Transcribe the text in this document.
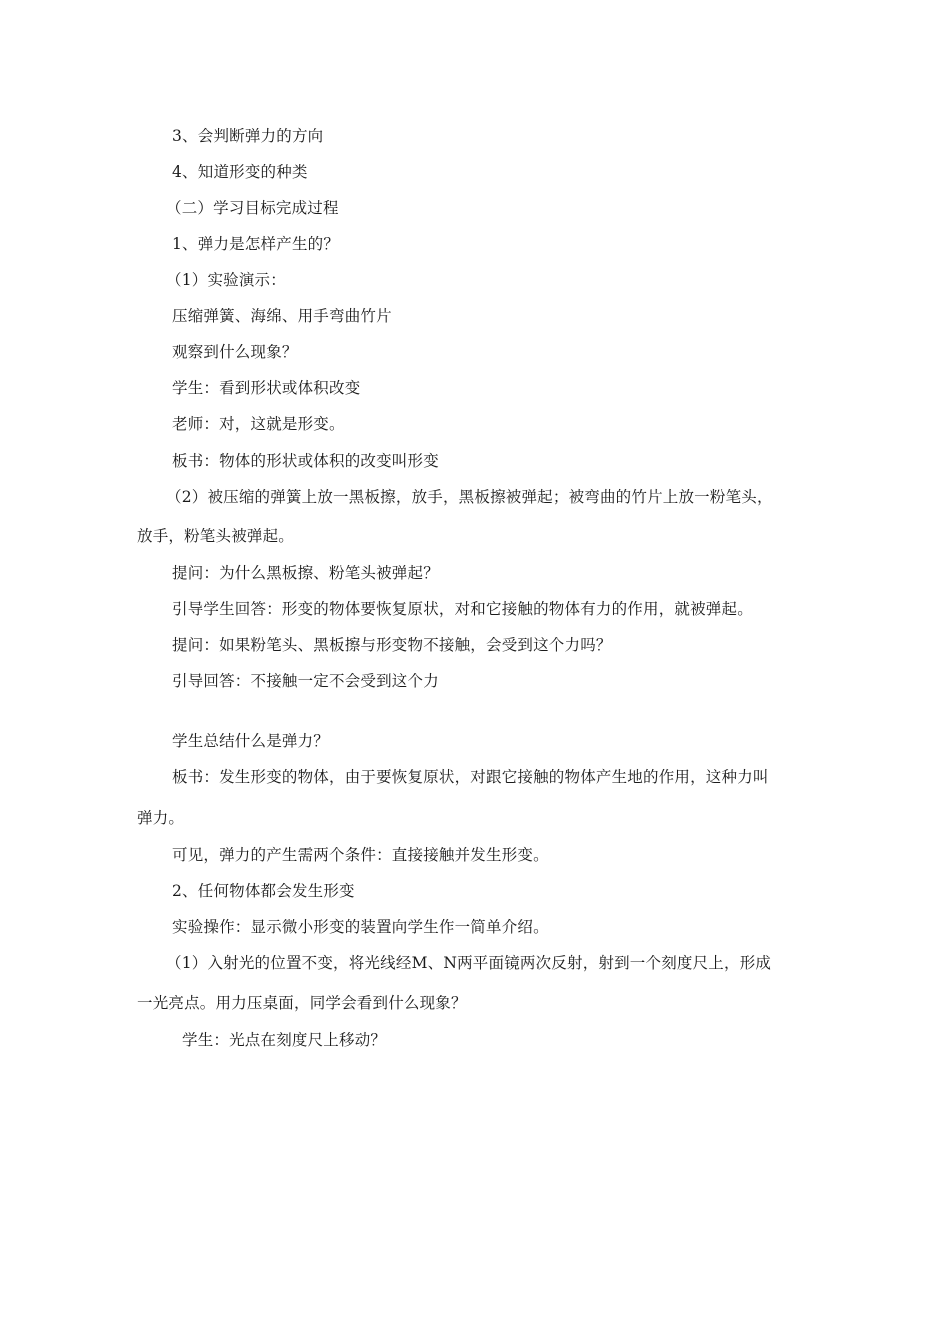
3、会判断弹力的方向
4、知道形变的种类
（二）学习目标完成过程
1、弹力是怎样产生的？
（1）实验演示：
压缩弹簧、海绵、用手弯曲竹片
观察到什么现象？
学生：看到形状或体积改变
老师：对，这就是形变。
板书：物体的形状或体积的改变叫形变
（2）被压缩的弹簧上放一黑板擦，放手，黑板擦被弹起；被弯曲的竹片上放一粉笔头，
放手，粉笔头被弹起。
提问：为什么黑板擦、粉笔头被弹起？
引导学生回答：形变的物体要恢复原状，对和它接触的物体有力的作用，就被弹起。
提问：如果粉笔头、黑板擦与形变物不接触，会受到这个力吗？
引导回答：不接触一定不会受到这个力
学生总结什么是弹力？
板书：发生形变的物体，由于要恢复原状，对跟它接触的物体产生地的作用，这种力叫
弹力。
可见，弹力的产生需两个条件：直接接触并发生形变。
2、任何物体都会发生形变
实验操作：显示微小形变的装置向学生作一简单介绍。
（1）入射光的位置不变，将光线经M、N两平面镜两次反射，射到一个刻度尺上，形成
一光亮点。用力压桌面，同学会看到什么现象？
学生：光点在刻度尺上移动？
